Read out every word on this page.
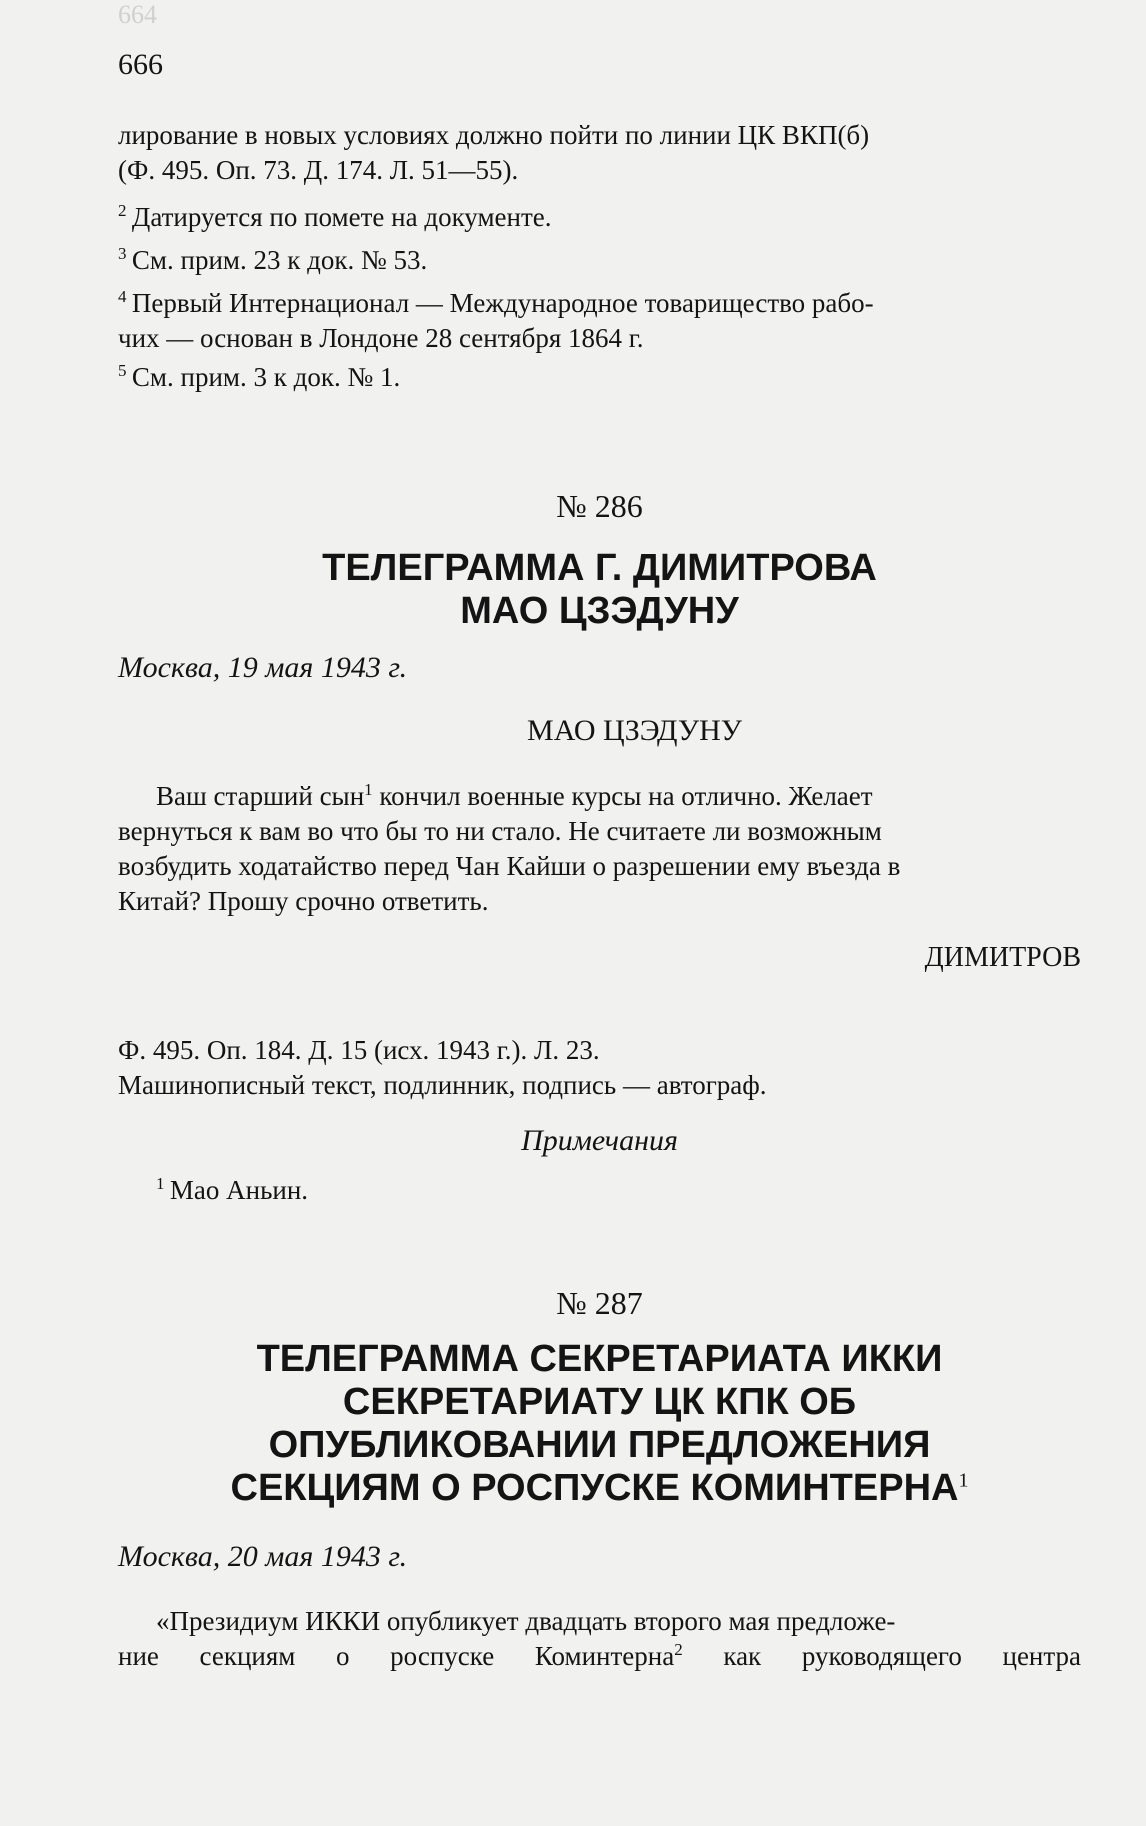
664
666

лирование в новых условиях должно пойти по линии ЦК ВКП(б)

(Ф. 495. Оп. 73. Д. 174. Л. 51—55).

$^2$  Датируется по помете на документе.

$^3$  См. прим. 23 к док. № 53.

$^4$  Первый Интернационал — Международное товарищество рабо-

чих — основан в Лондоне 28 сентября 1864 г.

$^5$  См. прим. 3 к док. № 1.

№ 286

ТЕЛЕГРАММА Г. ДИМИТРОВА

МАО ЦЗЭДУНУ

Москва, 19 мая 1943 г.

МАО ЦЗЭДУНУ

Ваш старший сын$^1$ кончил военные курсы на отлично. Желает

вернуться к вам во что бы то ни стало. Не считаете ли возможным

возбудить ходатайство перед Чан Кайши о разрешении ему въезда в

Китай? Прошу срочно ответить.

ДИМИТРОВ

Ф. 495. Оп. 184. Д. 15 (исх. 1943 г.). Л. 23.

Машинописный текст, подлинник, подпись — автограф.

Примечания

$^1$  Мао Аньин.

№ 287

ТЕЛЕГРАММА СЕКРЕТАРИАТА ИККИ

СЕКРЕТАРИАТУ ЦК КПК ОБ

ОПУБЛИКОВАНИИ ПРЕДЛОЖЕНИЯ

СЕКЦИЯМ О РОСПУСКЕ КОМИНТЕРНА$^1$

Москва, 20 мая 1943 г.

«Президиум ИККИ опубликует двадцать второго мая предложе-

ние секциям о роспуске Коминтерна$^2$ как руководящего центра
